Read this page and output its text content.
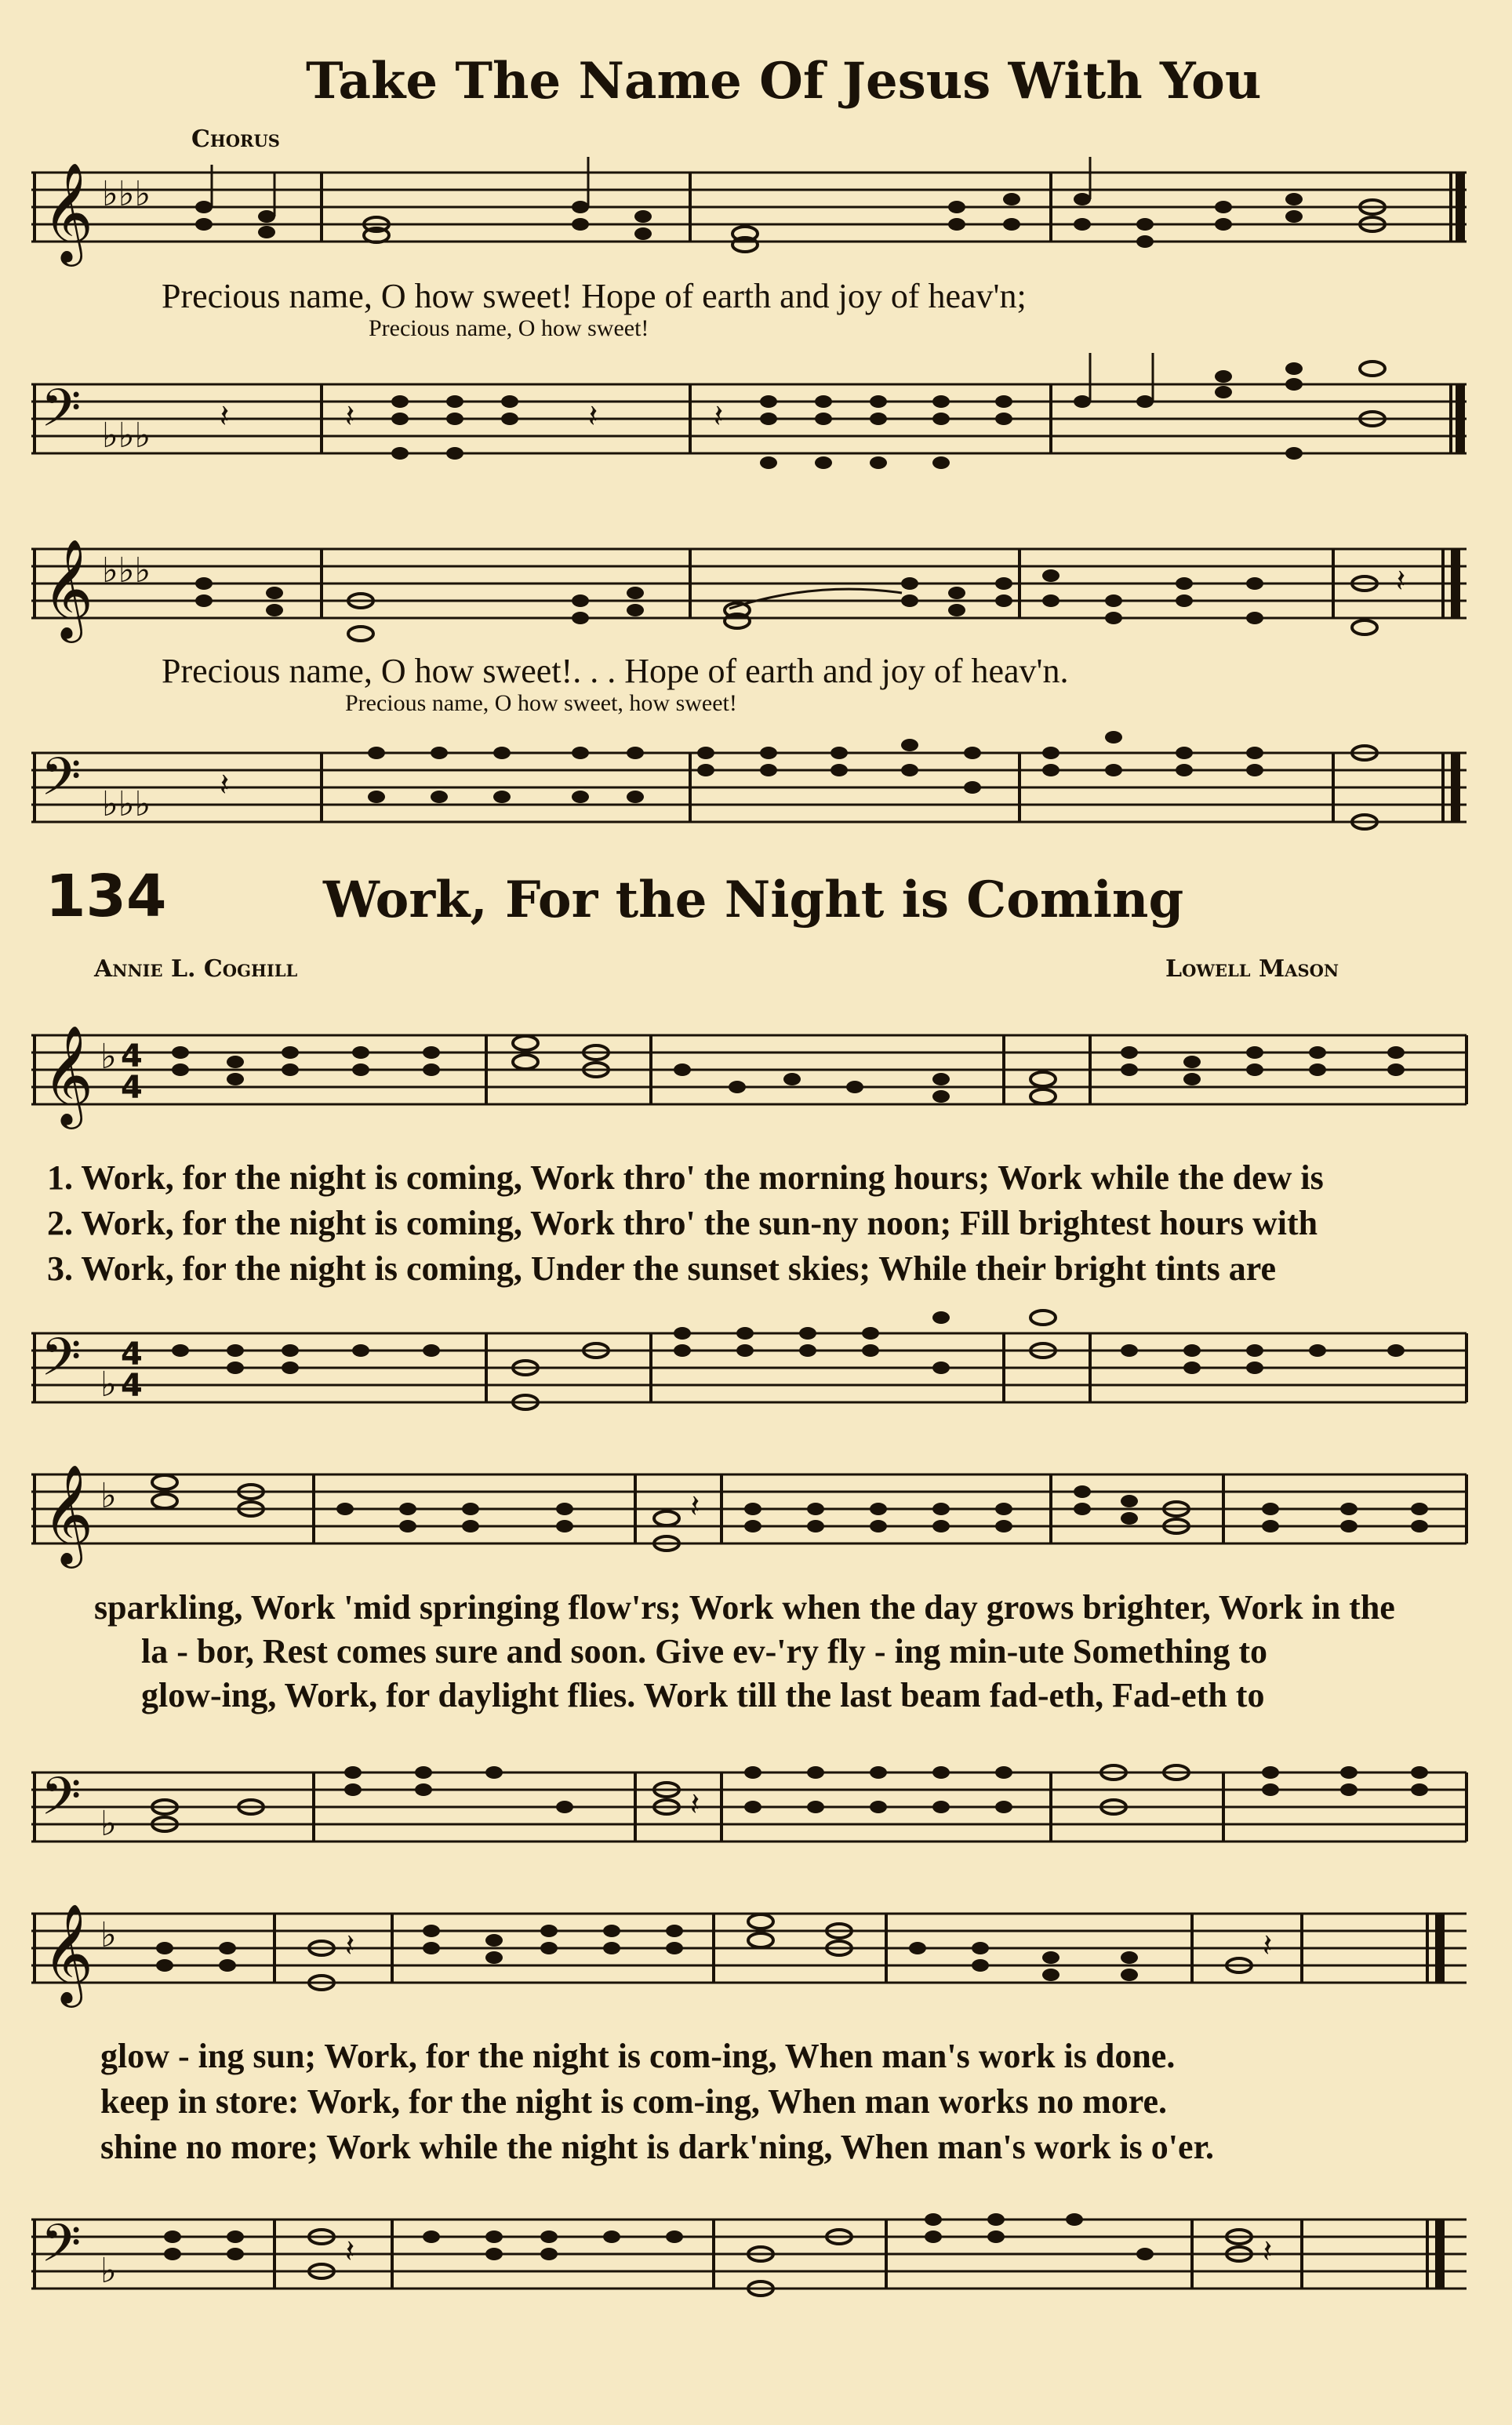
Take The Name Of Jesus With You
Chorus
𝄞 ♭♭♭
Precious name, O how sweet! Hope of earth and joy of heav'n;
Precious name, O how sweet!
𝄢 ♭♭♭ 𝄽	𝄽	𝄽	𝄽
𝄞 ♭♭♭	𝄽
Precious name, O how sweet!. . . Hope of earth and joy of heav'n.
Precious name, O how sweet, how sweet!
𝄢 ♭♭♭ 𝄽
134	Work, For the Night is Coming
Annie L. Coghill	Lowell Mason
𝄞 ♭ 4
4
1. Work, for the night is coming, Work thro' the morning hours; Work while the dew is
2. Work, for the night is coming, Work thro' the sun-ny noon; Fill brightest hours with
3. Work, for the night is coming, Under the sunset skies; While their bright tints are
𝄢 ♭
4
4
𝄞 ♭	𝄽
sparkling, Work 'mid springing flow'rs; Work when the day grows brighter, Work in the
la - bor, Rest comes sure and soon. Give ev-'ry fly - ing min-ute Something to
glow-ing, Work, for daylight flies. Work till the last beam fad-eth, Fad-eth to
𝄢 ♭	𝄽
𝄞 ♭	𝄽	𝄽
glow - ing sun; Work, for the night is com-ing, When man's work is done.
keep in store: Work, for the night is com-ing, When man works no more.
shine no more; Work while the night is dark'ning, When man's work is o'er.
𝄢 ♭	𝄽	𝄽
